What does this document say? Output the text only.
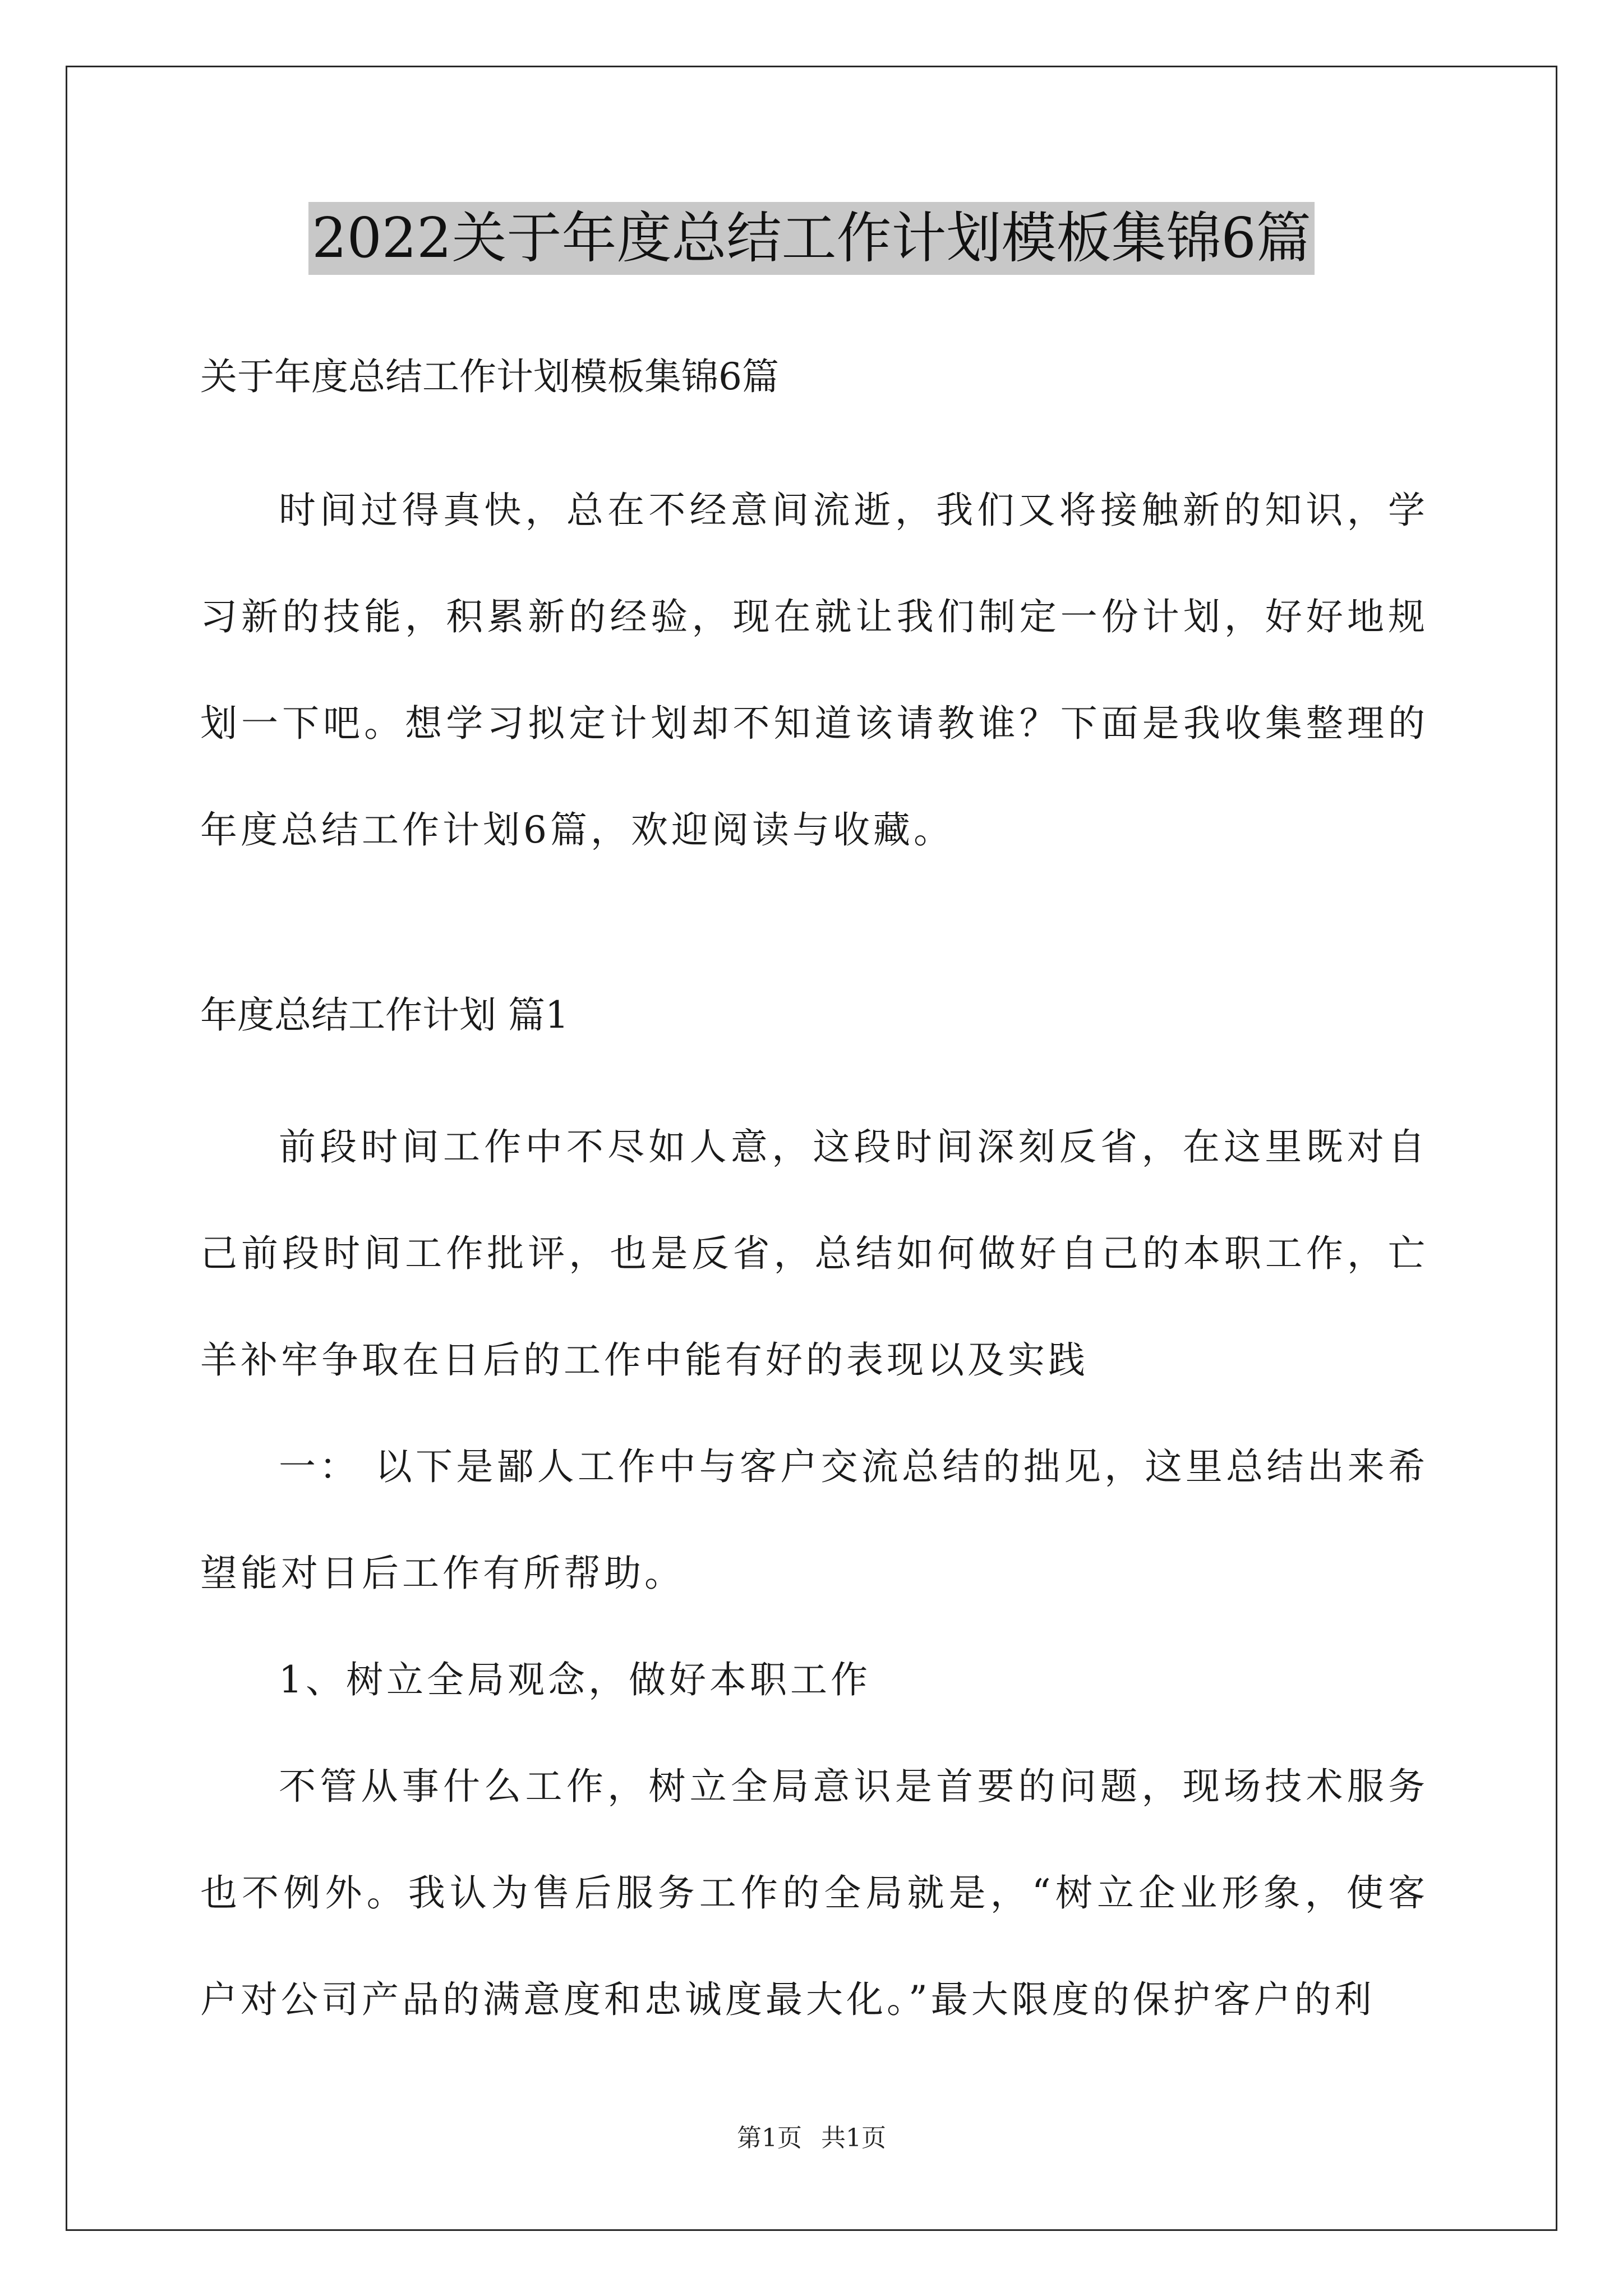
2022关于年度总结工作计划模板集锦6篇
关于年度总结工作计划模板集锦6篇
时间过得真快，总在不经意间流逝，我们又将接触新的知识，学习新的技能，积累新的经验，现在就让我们制定一份计划，好好地规划一下吧。想学习拟定计划却不知道该请教谁？下面是我收集整理的年度总结工作计划6篇，欢迎阅读与收藏。
年度总结工作计划 篇1
前段时间工作中不尽如人意，这段时间深刻反省，在这里既对自己前段时间工作批评，也是反省，总结如何做好自己的本职工作，亡羊补牢争取在日后的工作中能有好的表现以及实践
一： 以下是鄙人工作中与客户交流总结的拙见，这里总结出来希望能对日后工作有所帮助。
1、树立全局观念，做好本职工作
不管从事什么工作，树立全局意识是首要的问题，现场技术服务也不例外。我认为售后服务工作的全局就是，“树立企业形象，使客户对公司产品的满意度和忠诚度最大化。”最大限度的保护客户的利
第1页 共1页
